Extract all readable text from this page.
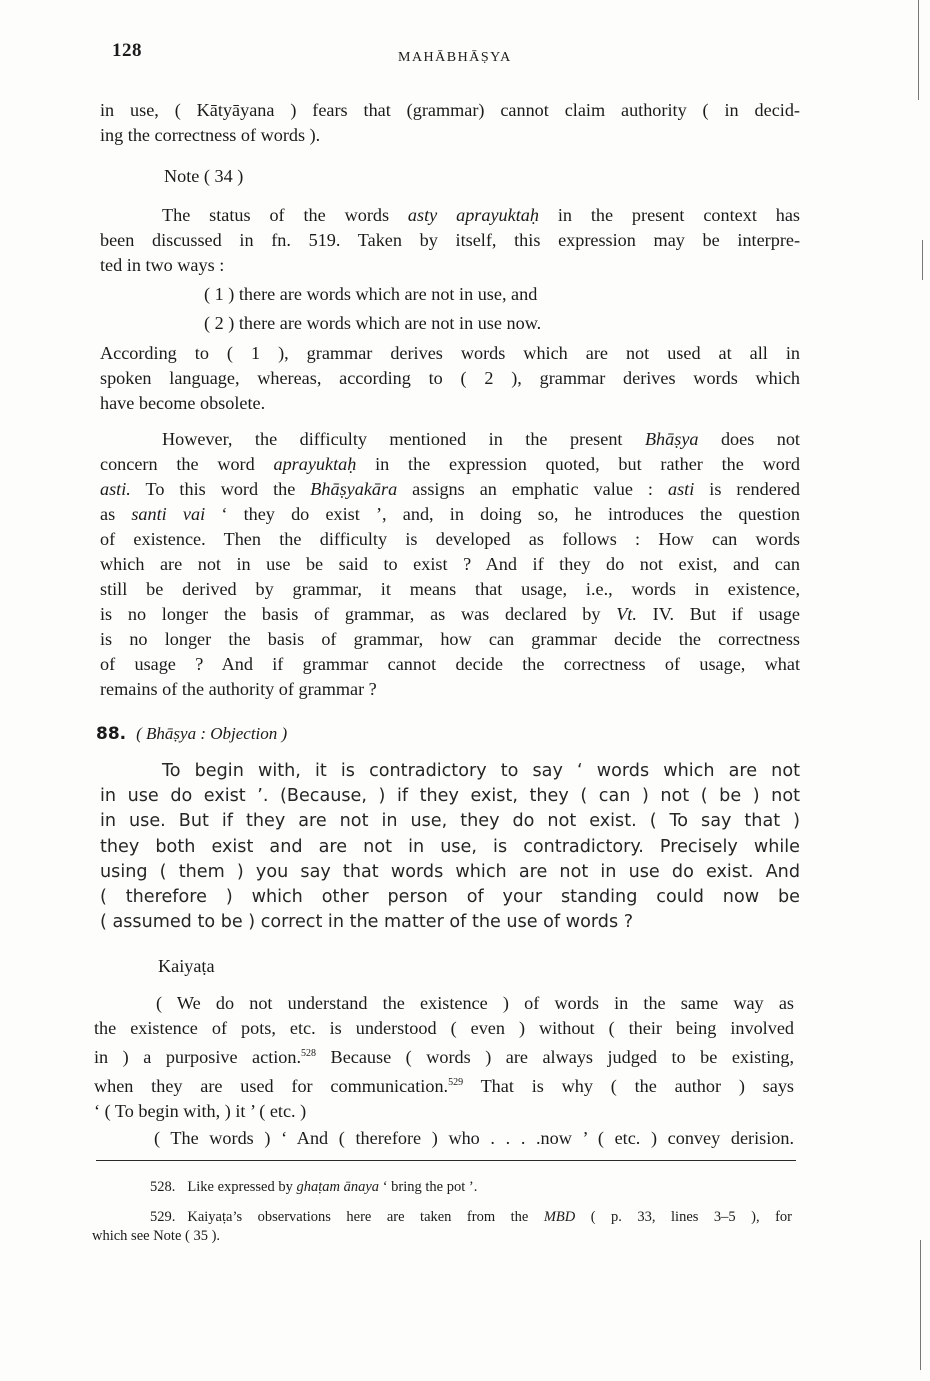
128	MAHĀBHĀṢYA

in use, ( Kātyāyana ) fears that (grammar) cannot claim authority ( in decid-

ing the correctness of words ).

Note ( 34 )

The status of the words asty aprayuktaḥ in the present context has

been discussed in fn. 519. Taken by itself, this expression may be interpre-

ted in two ways :

( 1 ) there are words which are not in use, and
( 2 ) there are words which are not in use now.

According to ( 1 ), grammar derives words which are not used at all in

spoken language, whereas, according to ( 2 ), grammar derives words which

have become obsolete.

However, the difficulty mentioned in the present Bhāṣya does not

concern the word aprayuktaḥ in the expression quoted, but rather the word

asti. To this word the Bhāṣyakāra assigns an emphatic value : asti is rendered

as santi vai ‘ they do exist ’, and, in doing so, he introduces the question

of existence. Then the difficulty is developed as follows : How can words

which are not in use be said to exist ? And if they do not exist, and can

still be derived by grammar, it means that usage, i.e., words in existence,

is no longer the basis of grammar, as was declared by Vt. IV. But if usage

is no longer the basis of grammar, how can grammar decide the correctness

of usage ? And if grammar cannot decide the correctness of usage, what

remains of the authority of grammar ?

88. ( Bhāṣya : Objection )

To begin with, it is contradictory to say ‘ words which are not

in use do exist ’. (Because, ) if they exist, they ( can ) not ( be ) not

in use. But if they are not in use, they do not exist. ( To say that )

they both exist and are not in use, is contradictory. Precisely while

using ( them ) you say that words which are not in use do exist. And

( therefore ) which other person of your standing could now be

( assumed to be ) correct in the matter of the use of words ?

Kaiyaṭa

( We do not understand the existence ) of words in the same way as

the existence of pots, etc. is understood ( even ) without ( their being involved

in ) a purposive action.$^{528}$ Because ( words ) are always judged to be existing,

when they are used for communication.$^{529}$ That is why ( the author ) says

‘ ( To begin with, ) it ’ ( etc. )

( The words ) ‘ And ( therefore ) who . . . .now ’ ( etc. ) convey derision.

528. Like expressed by ghaṭam ānaya ‘ bring the pot ’.
529. Kaiyaṭa’s observations here are taken from the MBD ( p. 33, lines 3–5 ), for
which see Note ( 35 ).
